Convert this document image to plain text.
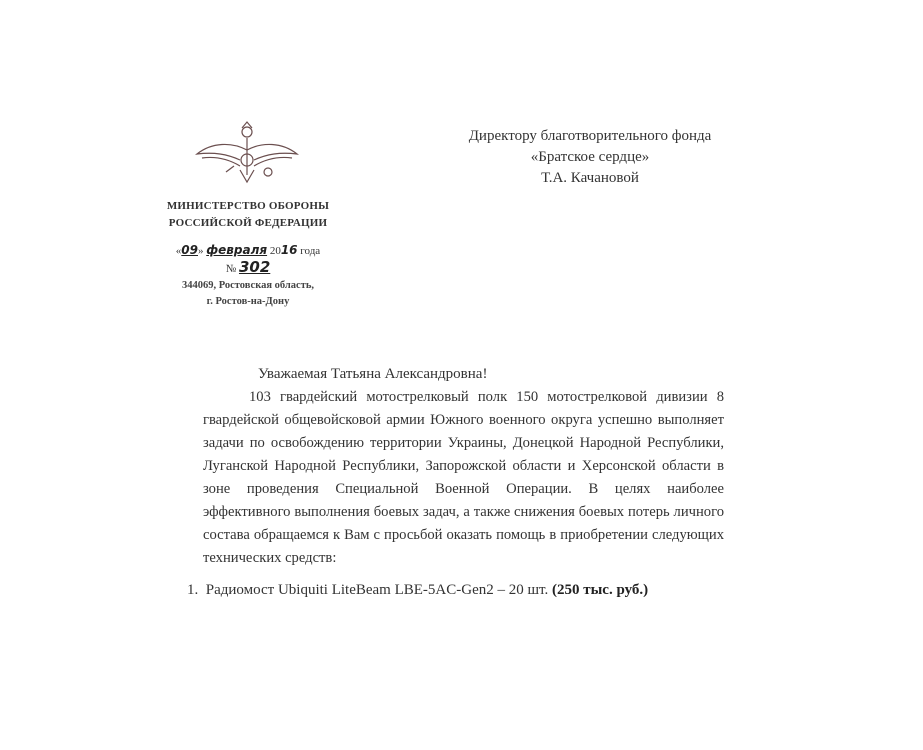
МИНИСТЕРСТВО ОБОРОНЫ
РОССИЙСКОЙ ФЕДЕРАЦИИ
«09» февраля 2016 года
№ 302
344069, Ростовская область,
г. Ростов-на-Дону
Директору благотворительного фонда
«Братское сердце»
Т.А. Качановой
Уважаемая Татьяна Александровна!
103 гвардейский мотострелковый полк 150 мотострелковой дивизии 8 гвардейской общевойсковой армии Южного военного округа успешно выполняет задачи по освобождению территории Украины, Донецкой Народной Республики, Луганской Народной Республики, Запорожской области и Херсонской области в зоне проведения Специальной Военной Операции. В целях наиболее эффективного выполнения боевых задач, а также снижения боевых потерь личного состава обращаемся к Вам с просьбой оказать помощь в приобретении следующих технических средств:
1. Радиомост Ubiquiti LiteBeam LBE-5AC-Gen2 – 20 шт. (250 тыс. руб.)
